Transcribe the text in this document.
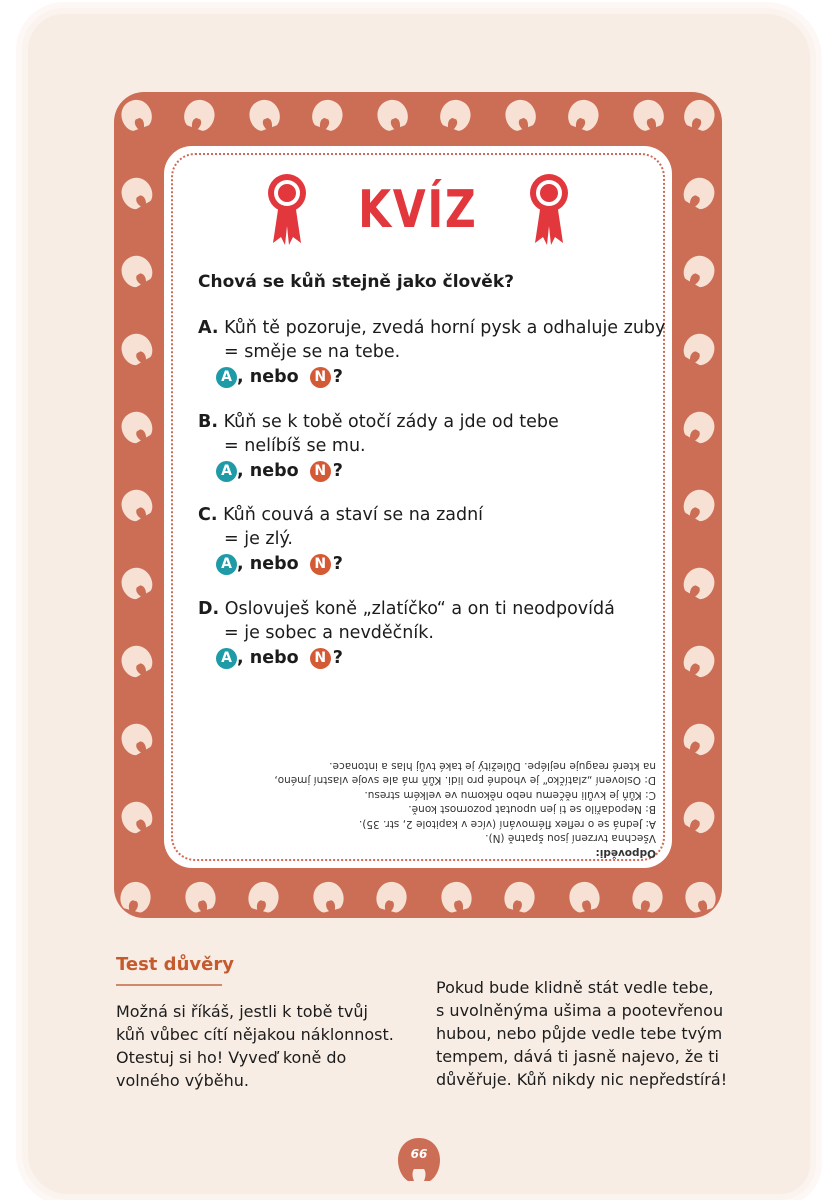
KVÍZ
Chová se kůň stejně jako člověk?
A. Kůň tě pozoruje, zvedá horní pysk a odhaluje zuby
= směje se na tebe.
A , nebo N ?
B. Kůň se k tobě otočí zády a jde od tebe
= nelíbíš se mu.
A , nebo N ?
C. Kůň couvá a staví se na zadní
= je zlý.
A , nebo N ?
D. Oslovuješ koně „zlatíčko“ a on ti neodpovídá
= je sobec a nevděčník.
A , nebo N ?
Odpovědi:
Všechna tvrzení jsou špatně (N).
A: Jedná se o reflex flémování (více v kapitole 2, str. 35).
B: Nepodařilo se ti jen upoutat pozornost koně.
C: Kůň je kvůli něčemu nebo někomu ve velkém stresu.
D: Oslovení „zlatíčko“ je vhodné pro lidi. Kůň má ale svoje vlastní jméno,
na které reaguje nejlépe. Důležitý je také tvůj hlas a intonace.
Test důvěry
Možná si říkáš, jestli k tobě tvůj
kůň vůbec cítí nějakou náklonnost.
Otestuj si ho! Vyveď koně do
volného výběhu.
Pokud bude klidně stát vedle tebe,
s uvolněnýma ušima a pootevřenou
hubou, nebo půjde vedle tebe tvým
tempem, dává ti jasně najevo, že ti
důvěřuje. Kůň nikdy nic nepředstírá!
66
